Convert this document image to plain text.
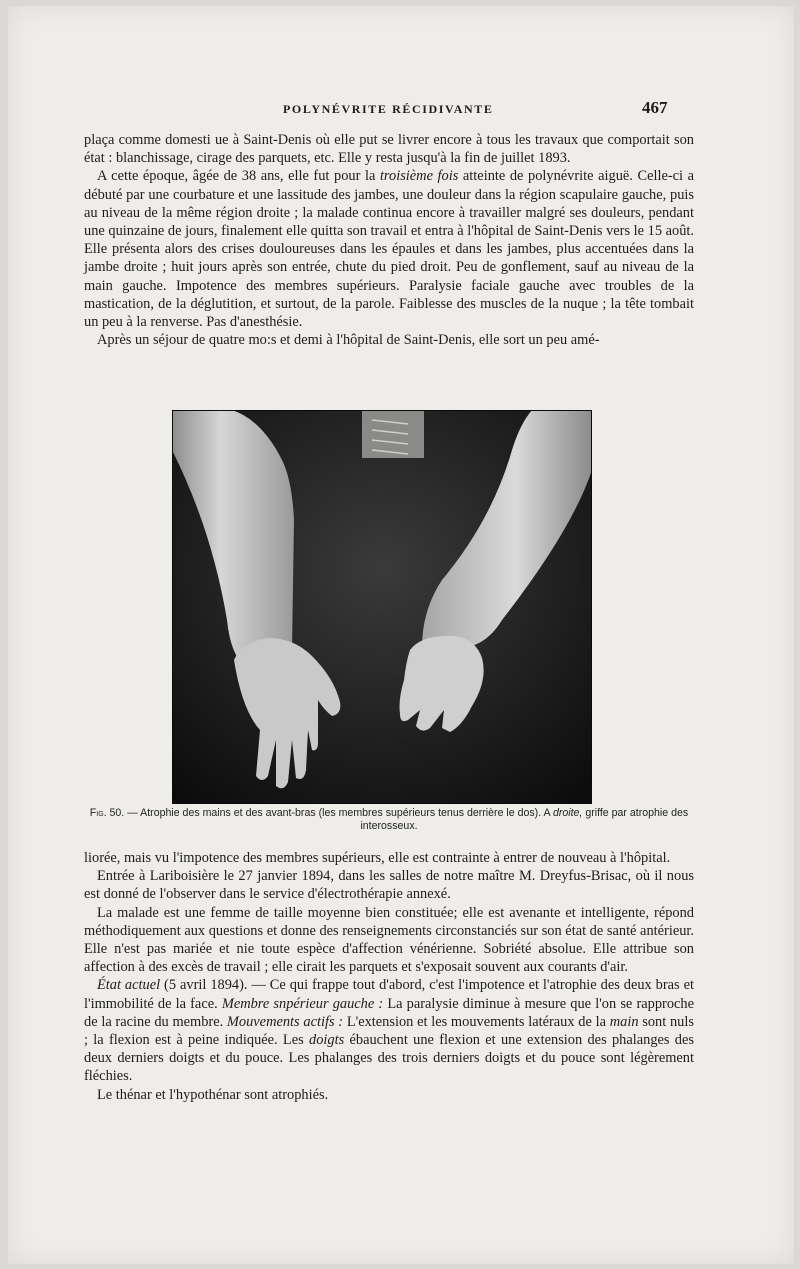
POLYNÉVRITE RÉCIDIVANTE	467

plaça comme domesti ue à Saint-Denis où elle put se livrer encore à tous les travaux que comportait son état : blanchissage, cirage des parquets, etc. Elle y resta jusqu'à la fin de juillet 1893.

A cette époque, âgée de 38 ans, elle fut pour la troisième fois atteinte de polynévrite aiguë. Celle-ci a débuté par une courbature et une lassitude des jambes, une douleur dans la région scapulaire gauche, puis au niveau de la même région droite ; la malade continua encore à travailler malgré ses douleurs, pendant une quinzaine de jours, finalement elle quitta son travail et entra à l'hôpital de Saint-Denis vers le 15 août. Elle présenta alors des crises douloureuses dans les épaules et dans les jambes, plus accentuées dans la jambe droite ; huit jours après son entrée, chute du pied droit. Peu de gonflement, sauf au niveau de la main gauche. Impotence des membres supérieurs. Paralysie faciale gauche avec troubles de la mastication, de la déglutition, et surtout, de la parole. Faiblesse des muscles de la nuque ; la tête tombait un peu à la renverse. Pas d'anesthésie.

Après un séjour de quatre mo:s et demi à l'hôpital de Saint-Denis, elle sort un peu amé-

Fig. 50. — Atrophie des mains et des avant-bras (les membres supérieurs tenus derrière le dos). A droite, griffe par atrophie des interosseux.

liorée, mais vu l'impotence des membres supérieurs, elle est contrainte à entrer de nouveau à l'hôpital.

Entrée à Lariboisière le 27 janvier 1894, dans les salles de notre maître M. Dreyfus-Brisac, où il nous est donné de l'observer dans le service d'électrothérapie annexé.

La malade est une femme de taille moyenne bien constituée; elle est avenante et intelligente, répond méthodiquement aux questions et donne des renseignements circonstanciés sur son état de santé antérieur. Elle n'est pas mariée et nie toute espèce d'affection vénérienne. Sobriété absolue. Elle attribue son affection à des excès de travail ; elle cirait les parquets et s'exposait souvent aux courants d'air.

État actuel (5 avril 1894). — Ce qui frappe tout d'abord, c'est l'impotence et l'atrophie des deux bras et l'immobilité de la face. Membre snpérieur gauche : La paralysie diminue à mesure que l'on se rapproche de la racine du membre. Mouvements actifs : L'extension et les mouvements latéraux de la main sont nuls ; la flexion est à peine indiquée. Les doigts ébauchent une flexion et une extension des phalanges des deux derniers doigts et du pouce. Les phalanges des trois derniers doigts et du pouce sont légèrement fléchies.

Le thénar et l'hypothénar sont atrophiés.
